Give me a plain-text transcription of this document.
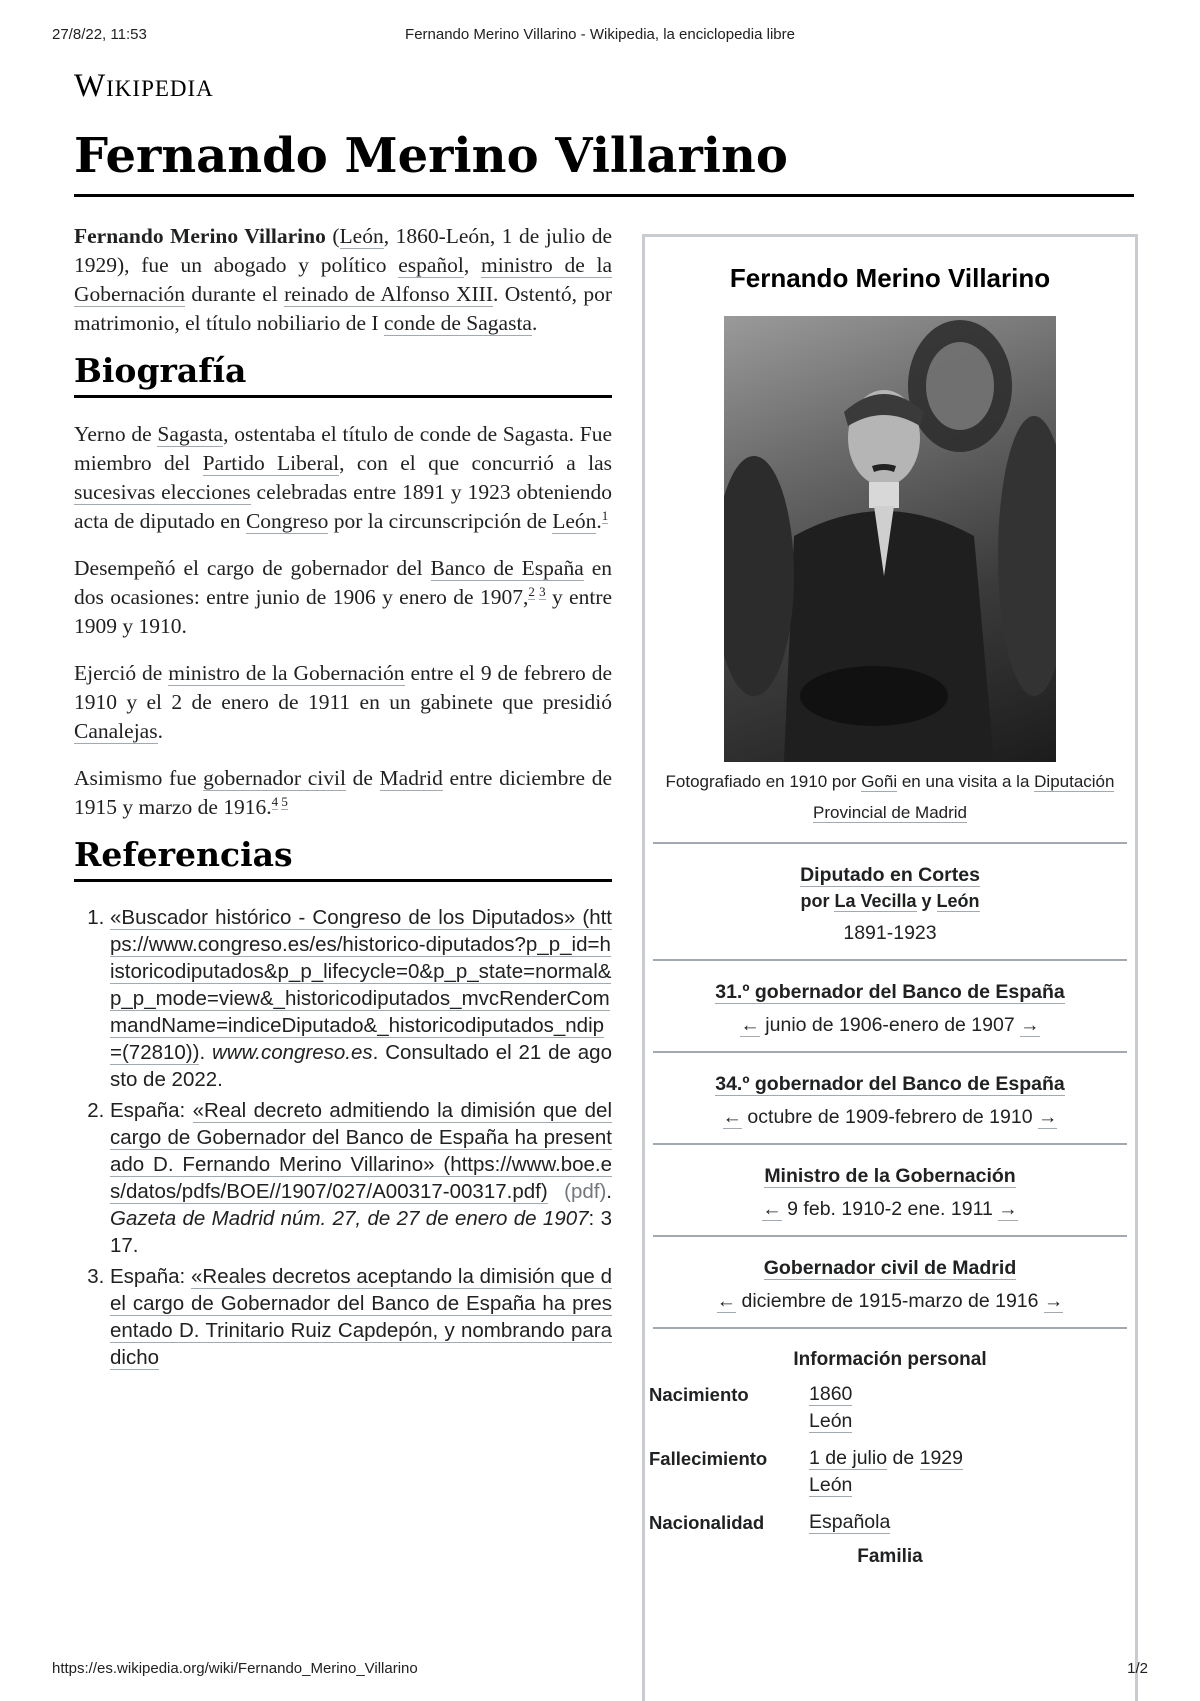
27/8/22, 11:53	Fernando Merino Villarino - Wikipedia, la enciclopedia libre
Wikipedia
Fernando Merino Villarino

Fernando Merino Villarino (León, 1860-León, 1 de julio de 1929), fue un abogado y político español, ministro de la Gobernación durante el reinado de Alfonso XIII. Ostentó, por matrimonio, el título nobiliario de I conde de Sagasta.

Biografía

Yerno de Sagasta, ostentaba el título de conde de Sagasta. Fue miembro del Partido Liberal, con el que concurrió a las sucesivas elecciones celebradas entre 1891 y 1923 obteniendo acta de diputado en Congreso por la circunscripción de León.$^1$

Desempeñó el cargo de gobernador del Banco de España en dos ocasiones: entre junio de 1906 y enero de 1907,$^{2 3}$ y entre 1909 y 1910.

Ejerció de ministro de la Gobernación entre el 9 de febrero de 1910 y el 2 de enero de 1911 en un gabinete que presidió Canalejas.

Asimismo fue gobernador civil de Madrid entre diciembre de 1915 y marzo de 1916.$^{4 5}$

Referencias
1. «Buscador histórico - Congreso de los Diputados» (https://www.congreso.es/es/historico-diputados?p_p_id=historicodiputados&p_p_lifecycle=0&p_p_state=normal&p_p_mode=view&_historicodiputados_mvcRenderCommandName=indiceDiputado&_historicodiputados_ndip=(72810)). www.congreso.es. Consultado el 21 de agosto de 2022.
2. España: «Real decreto admitiendo la dimisión que del cargo de Gobernador del Banco de España ha presentado D. Fernando Merino Villarino» (https://www.boe.es/datos/pdfs/BOE//1907/027/A00317-00317.pdf) (pdf). Gazeta de Madrid núm. 27, de 27 de enero de 1907: 317.
3. España: «Reales decretos aceptando la dimisión que del cargo de Gobernador del Banco de España ha presentado D. Trinitario Ruiz Capdepón, y nombrando para dicho
Fernando Merino Villarino
Fotografiado en 1910 por Goñi en una visita a la Diputación Provincial de Madrid
Diputado en Cortes
por La Vecilla y León
1891-1923
31.º gobernador del Banco de España
← junio de 1906-enero de 1907 →
34.º gobernador del Banco de España
← octubre de 1909-febrero de 1910 →
Ministro de la Gobernación
← 9 feb. 1910-2 ene. 1911 →
Gobernador civil de Madrid
← diciembre de 1915-marzo de 1916 →
Información personal
Nacimiento	1860
León
Fallecimiento	1 de julio de 1929
León
Nacionalidad	Española
Familia
https://es.wikipedia.org/wiki/Fernando_Merino_Villarino	1/2
